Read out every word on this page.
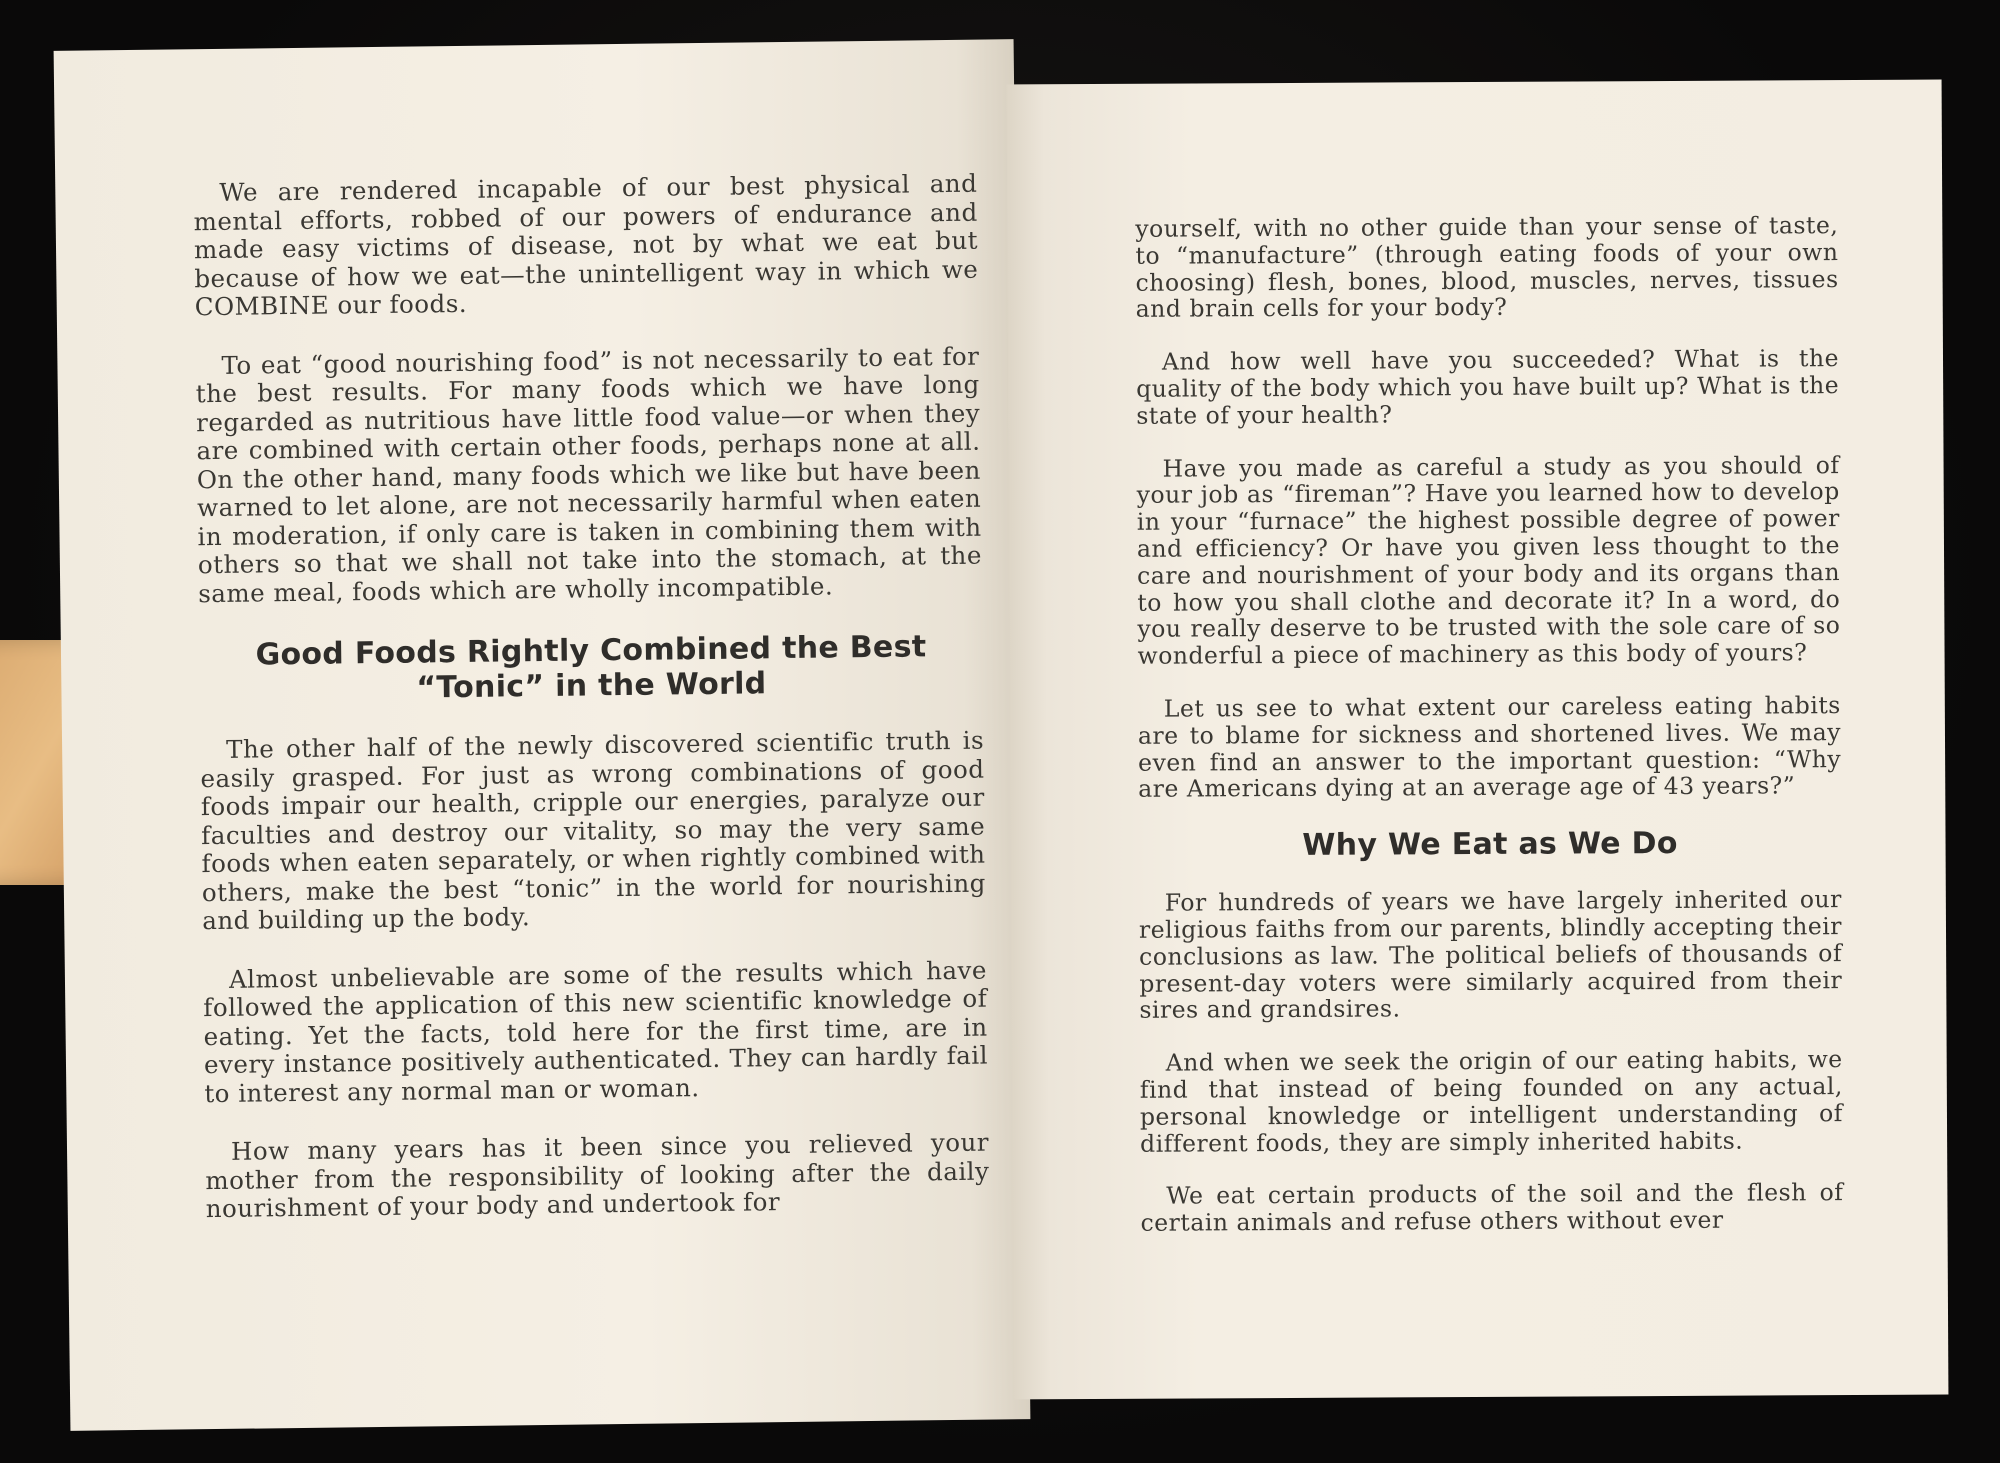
We are rendered incapable of our best physical and mental efforts, robbed of our powers of endurance and made easy victims of disease, not by what we eat but because of how we eat—the unintelligent way in which we COMBINE our foods.

To eat “good nourishing food” is not necessarily to eat for the best results. For many foods which we have long regarded as nutritious have little food value—or when they are combined with certain other foods, perhaps none at all. On the other hand, many foods which we like but have been warned to let alone, are not necessarily harmful when eaten in moderation, if only care is taken in combining them with others so that we shall not take into the stomach, at the same meal, foods which are wholly incompatible.

Good Foods Rightly Combined the Best “Tonic” in the World

The other half of the newly discovered scientific truth is easily grasped. For just as wrong combinations of good foods impair our health, cripple our energies, paralyze our faculties and destroy our vitality, so may the very same foods when eaten separately, or when rightly combined with others, make the best “tonic” in the world for nourishing and building up the body.

Almost unbelievable are some of the results which have followed the application of this new scientific knowledge of eating. Yet the facts, told here for the first time, are in every instance positively authenticated. They can hardly fail to interest any normal man or woman.

How many years has it been since you relieved your mother from the responsibility of looking after the daily nourishment of your body and undertook for

yourself, with no other guide than your sense of taste, to “manufacture” (through eating foods of your own choosing) flesh, bones, blood, muscles, nerves, tissues and brain cells for your body?

And how well have you succeeded? What is the quality of the body which you have built up? What is the state of your health?

Have you made as careful a study as you should of your job as “fireman”? Have you learned how to develop in your “furnace” the highest possible degree of power and efficiency? Or have you given less thought to the care and nourishment of your body and its organs than to how you shall clothe and decorate it? In a word, do you really deserve to be trusted with the sole care of so wonderful a piece of machinery as this body of yours?

Let us see to what extent our careless eating habits are to blame for sickness and shortened lives. We may even find an answer to the important question: “Why are Americans dying at an average age of 43 years?”

Why We Eat as We Do

For hundreds of years we have largely inherited our religious faiths from our parents, blindly accepting their conclusions as law. The political beliefs of thousands of present-day voters were similarly acquired from their sires and grandsires.

And when we seek the origin of our eating habits, we find that instead of being founded on any actual, personal knowledge or intelligent understanding of different foods, they are simply inherited habits.

We eat certain products of the soil and the flesh of certain animals and refuse others without ever
